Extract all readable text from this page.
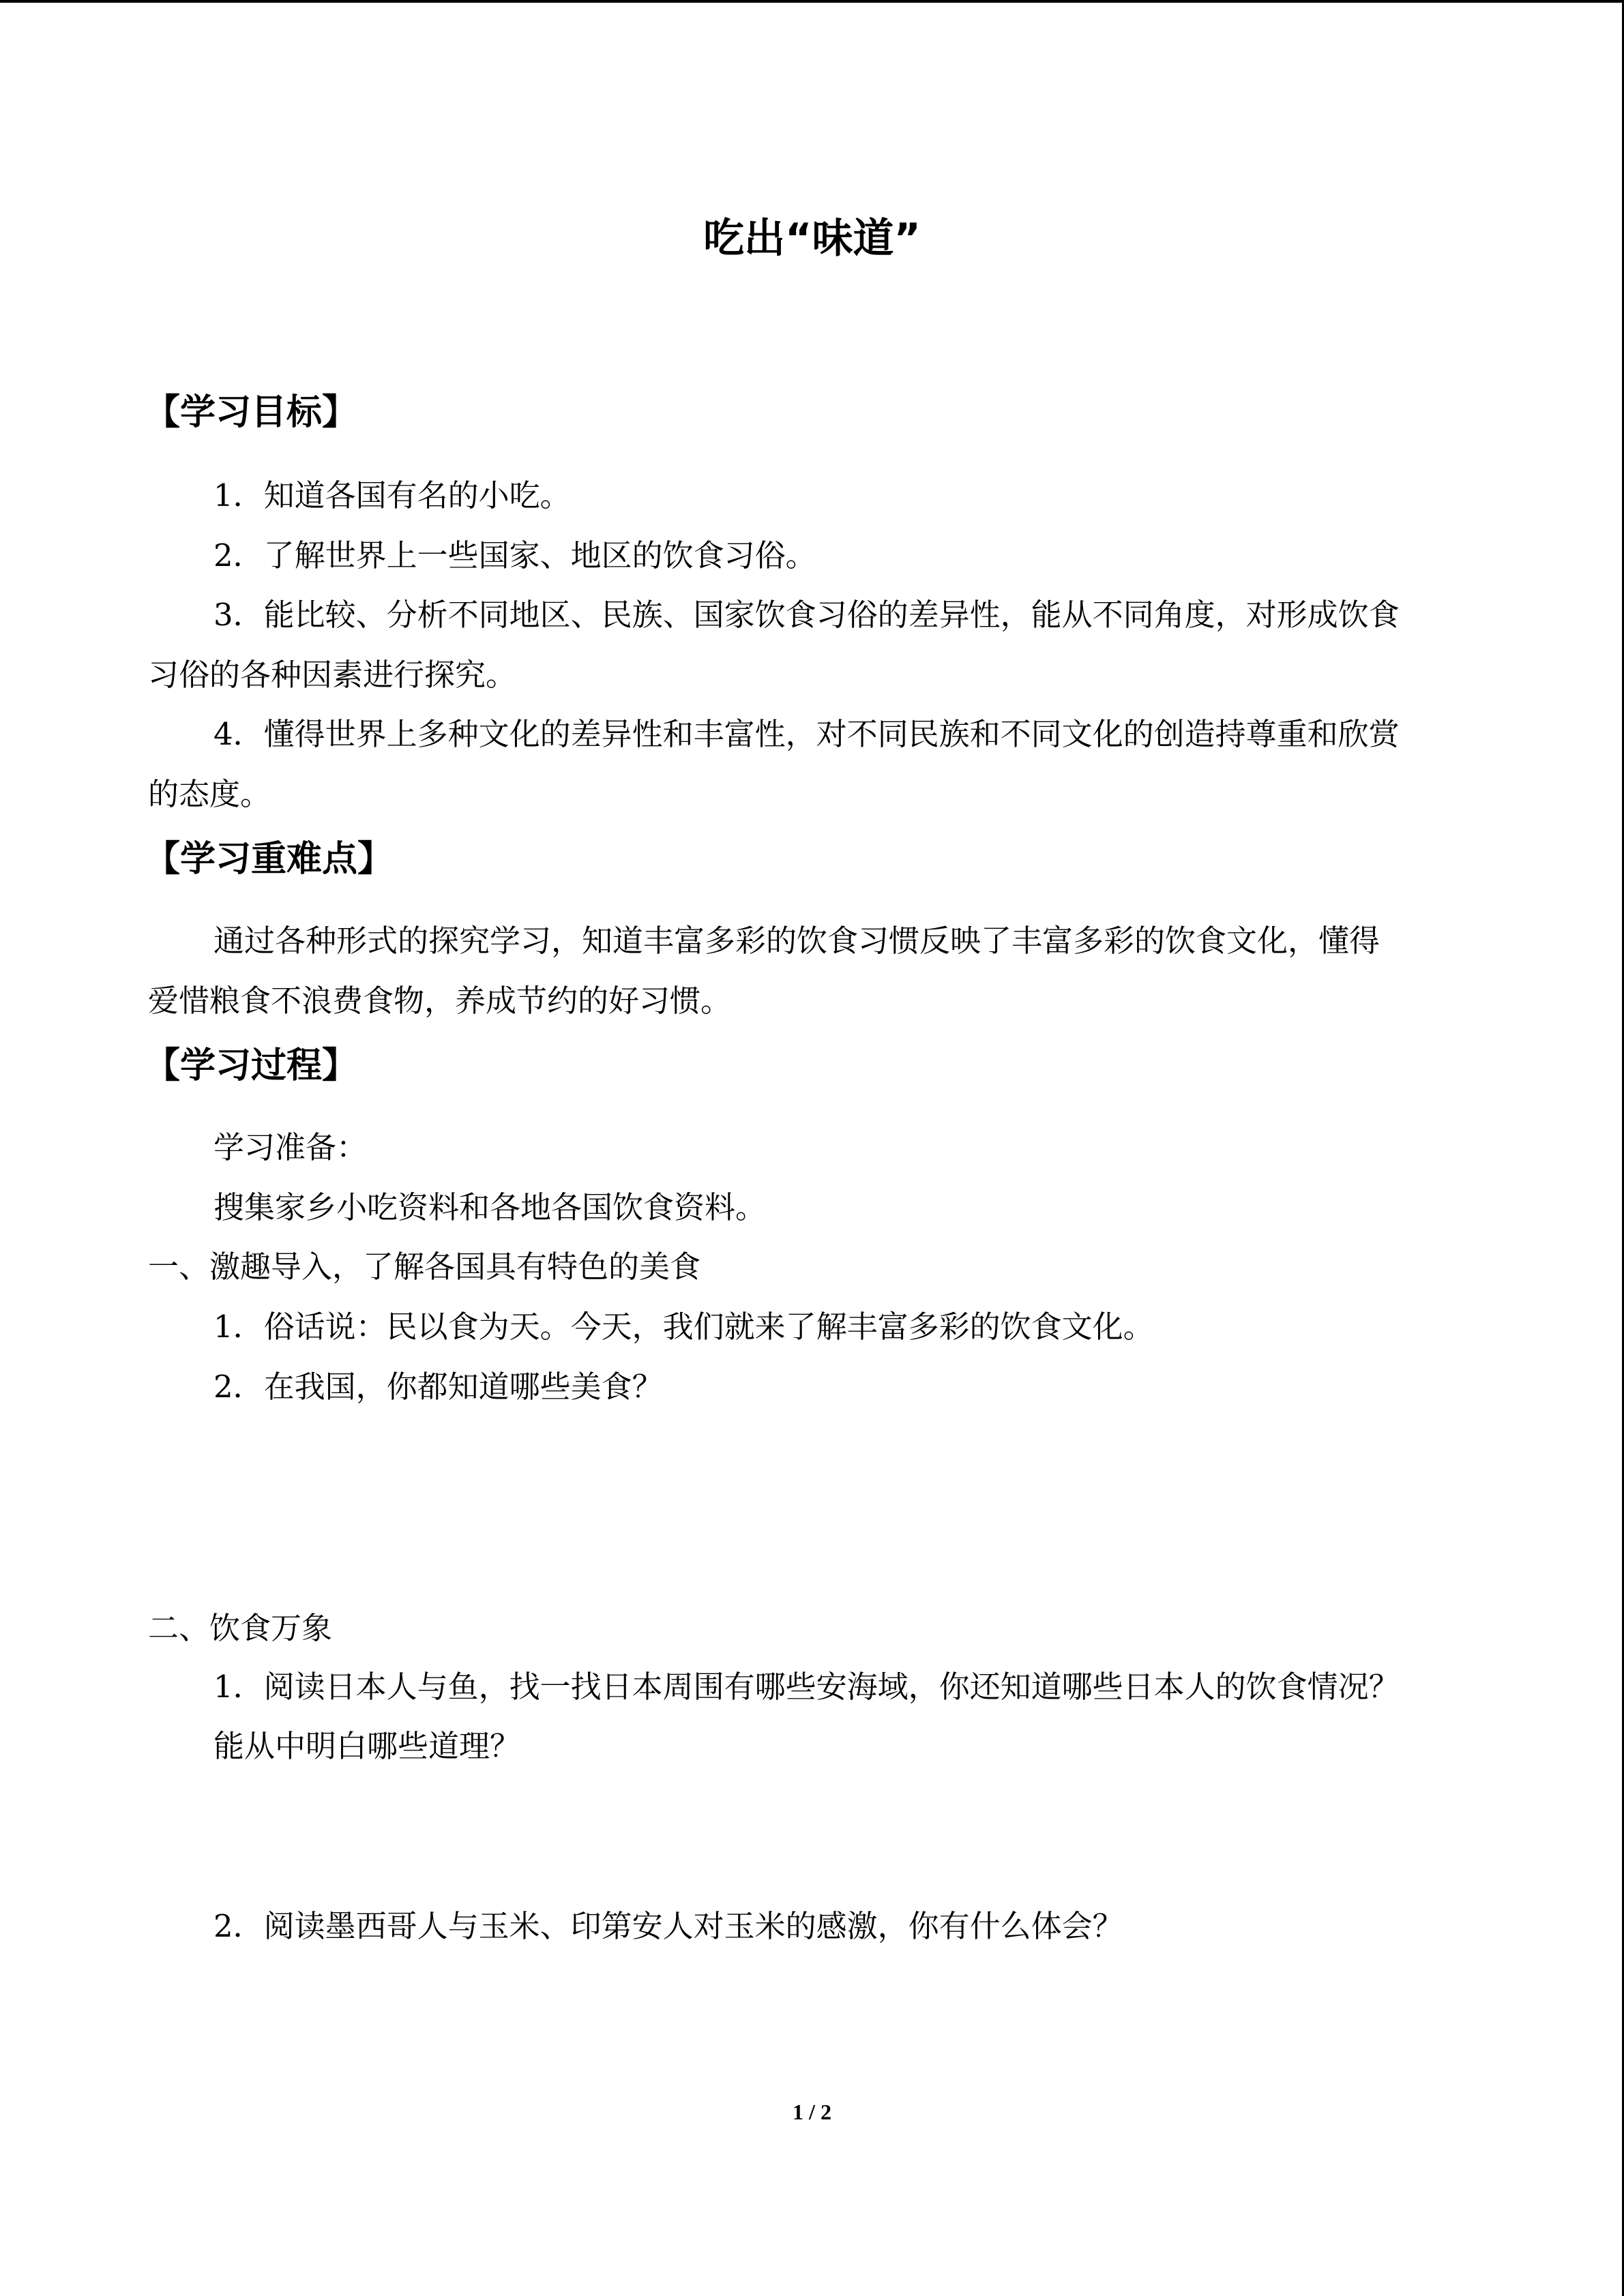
吃出“味道”
【学习目标】
1．知道各国有名的小吃。
2．了解世界上一些国家、地区的饮食习俗。
3．能比较、分析不同地区、民族、国家饮食习俗的差异性，能从不同角度，对形成饮食
习俗的各种因素进行探究。
4．懂得世界上多种文化的差异性和丰富性，对不同民族和不同文化的创造持尊重和欣赏
的态度。
【学习重难点】
通过各种形式的探究学习，知道丰富多彩的饮食习惯反映了丰富多彩的饮食文化，懂得
爱惜粮食不浪费食物，养成节约的好习惯。
【学习过程】
学习准备：
搜集家乡小吃资料和各地各国饮食资料。
一、激趣导入，了解各国具有特色的美食
1．俗话说：民以食为天。今天，我们就来了解丰富多彩的饮食文化。
2．在我国，你都知道哪些美食？
二、饮食万象
1．阅读日本人与鱼，找一找日本周围有哪些安海域，你还知道哪些日本人的饮食情况？
能从中明白哪些道理？
2．阅读墨西哥人与玉米、印第安人对玉米的感激，你有什么体会？
1 / 2
